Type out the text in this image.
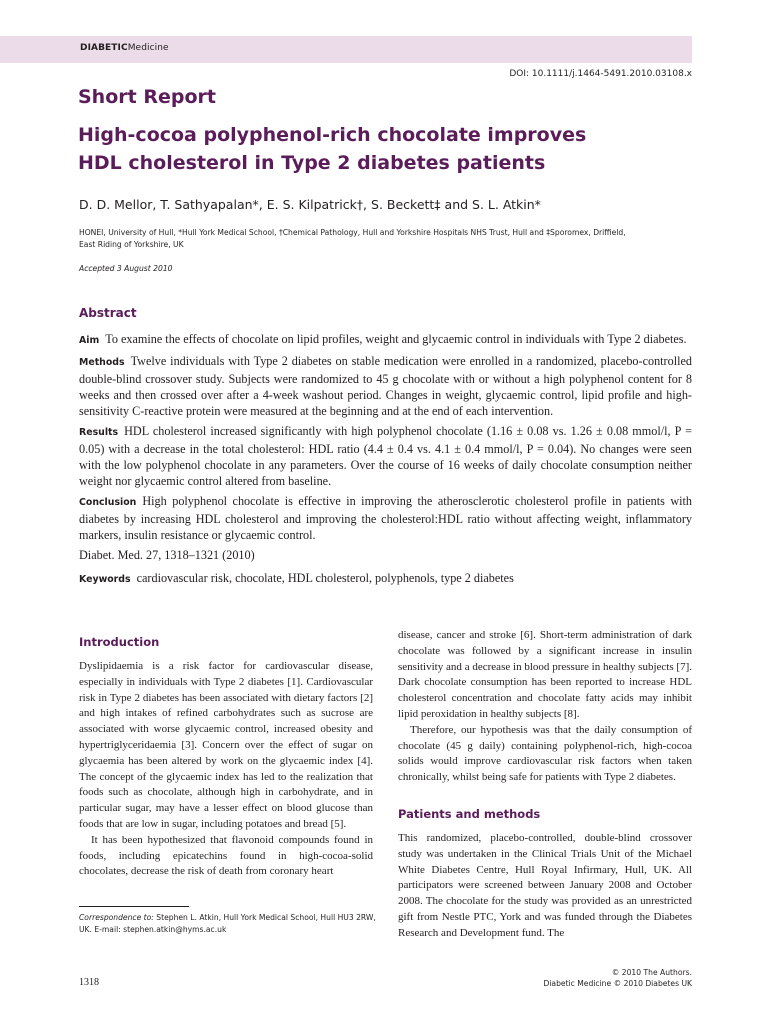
DIABETICMedicine
DOI: 10.1111/j.1464-5491.2010.03108.x
Short Report
High-cocoa polyphenol-rich chocolate improves
HDL cholesterol in Type 2 diabetes patients
D. D. Mellor, T. Sathyapalan*, E. S. Kilpatrick†, S. Beckett‡ and S. L. Atkin*
HONEI, University of Hull, *Hull York Medical School, †Chemical Pathology, Hull and Yorkshire Hospitals NHS Trust, Hull and ‡Sporomex, Driffield, East Riding of Yorkshire, UK
Accepted 3 August 2010
Abstract

Aim To examine the effects of chocolate on lipid profiles, weight and glycaemic control in individuals with Type 2 diabetes.

Methods Twelve individuals with Type 2 diabetes on stable medication were enrolled in a randomized, placebo-controlled double-blind crossover study. Subjects were randomized to 45 g chocolate with or without a high polyphenol content for 8 weeks and then crossed over after a 4-week washout period. Changes in weight, glycaemic control, lipid profile and high-sensitivity C-reactive protein were measured at the beginning and at the end of each intervention.

Results HDL cholesterol increased significantly with high polyphenol chocolate (1.16 ± 0.08 vs. 1.26 ± 0.08 mmol/l, P = 0.05) with a decrease in the total cholesterol: HDL ratio (4.4 ± 0.4 vs. 4.1 ± 0.4 mmol/l, P = 0.04). No changes were seen with the low polyphenol chocolate in any parameters. Over the course of 16 weeks of daily chocolate consumption neither weight nor glycaemic control altered from baseline.

Conclusion High polyphenol chocolate is effective in improving the atherosclerotic cholesterol profile in patients with diabetes by increasing HDL cholesterol and improving the cholesterol:HDL ratio without affecting weight, inflammatory markers, insulin resistance or glycaemic control.

Diabet. Med. 27, 1318–1321 (2010)
Keywords cardiovascular risk, chocolate, HDL cholesterol, polyphenols, type 2 diabetes
Introduction

Dyslipidaemia is a risk factor for cardiovascular disease, especially in individuals with Type 2 diabetes [1]. Cardiovascular risk in Type 2 diabetes has been associated with dietary factors [2] and high intakes of refined carbohydrates such as sucrose are associated with worse glycaemic control, increased obesity and hypertriglyceridaemia [3]. Concern over the effect of sugar on glycaemia has been altered by work on the glycaemic index [4]. The concept of the glycaemic index has led to the realization that foods such as chocolate, although high in carbohydrate, and in particular sugar, may have a lesser effect on blood glucose than foods that are low in sugar, including potatoes and bread [5].

It has been hypothesized that flavonoid compounds found in foods, including epicatechins found in high-cocoa-solid chocolates, decrease the risk of death from coronary heart

disease, cancer and stroke [6]. Short-term administration of dark chocolate was followed by a significant increase in insulin sensitivity and a decrease in blood pressure in healthy subjects [7]. Dark chocolate consumption has been reported to increase HDL cholesterol concentration and chocolate fatty acids may inhibit lipid peroxidation in healthy subjects [8].

Therefore, our hypothesis was that the daily consumption of chocolate (45 g daily) containing polyphenol-rich, high-cocoa solids would improve cardiovascular risk factors when taken chronically, whilst being safe for patients with Type 2 diabetes.

Patients and methods

This randomized, placebo-controlled, double-blind crossover study was undertaken in the Clinical Trials Unit of the Michael White Diabetes Centre, Hull Royal Infirmary, Hull, UK. All participators were screened between January 2008 and October 2008. The chocolate for the study was provided as an unrestricted gift from Nestle PTC, York and was funded through the Diabetes Research and Development fund. The

Correspondence to: Stephen L. Atkin, Hull York Medical School, Hull HU3 2RW, UK. E-mail: stephen.atkin@hyms.ac.uk
1318
© 2010 The Authors.
Diabetic Medicine © 2010 Diabetes UK
